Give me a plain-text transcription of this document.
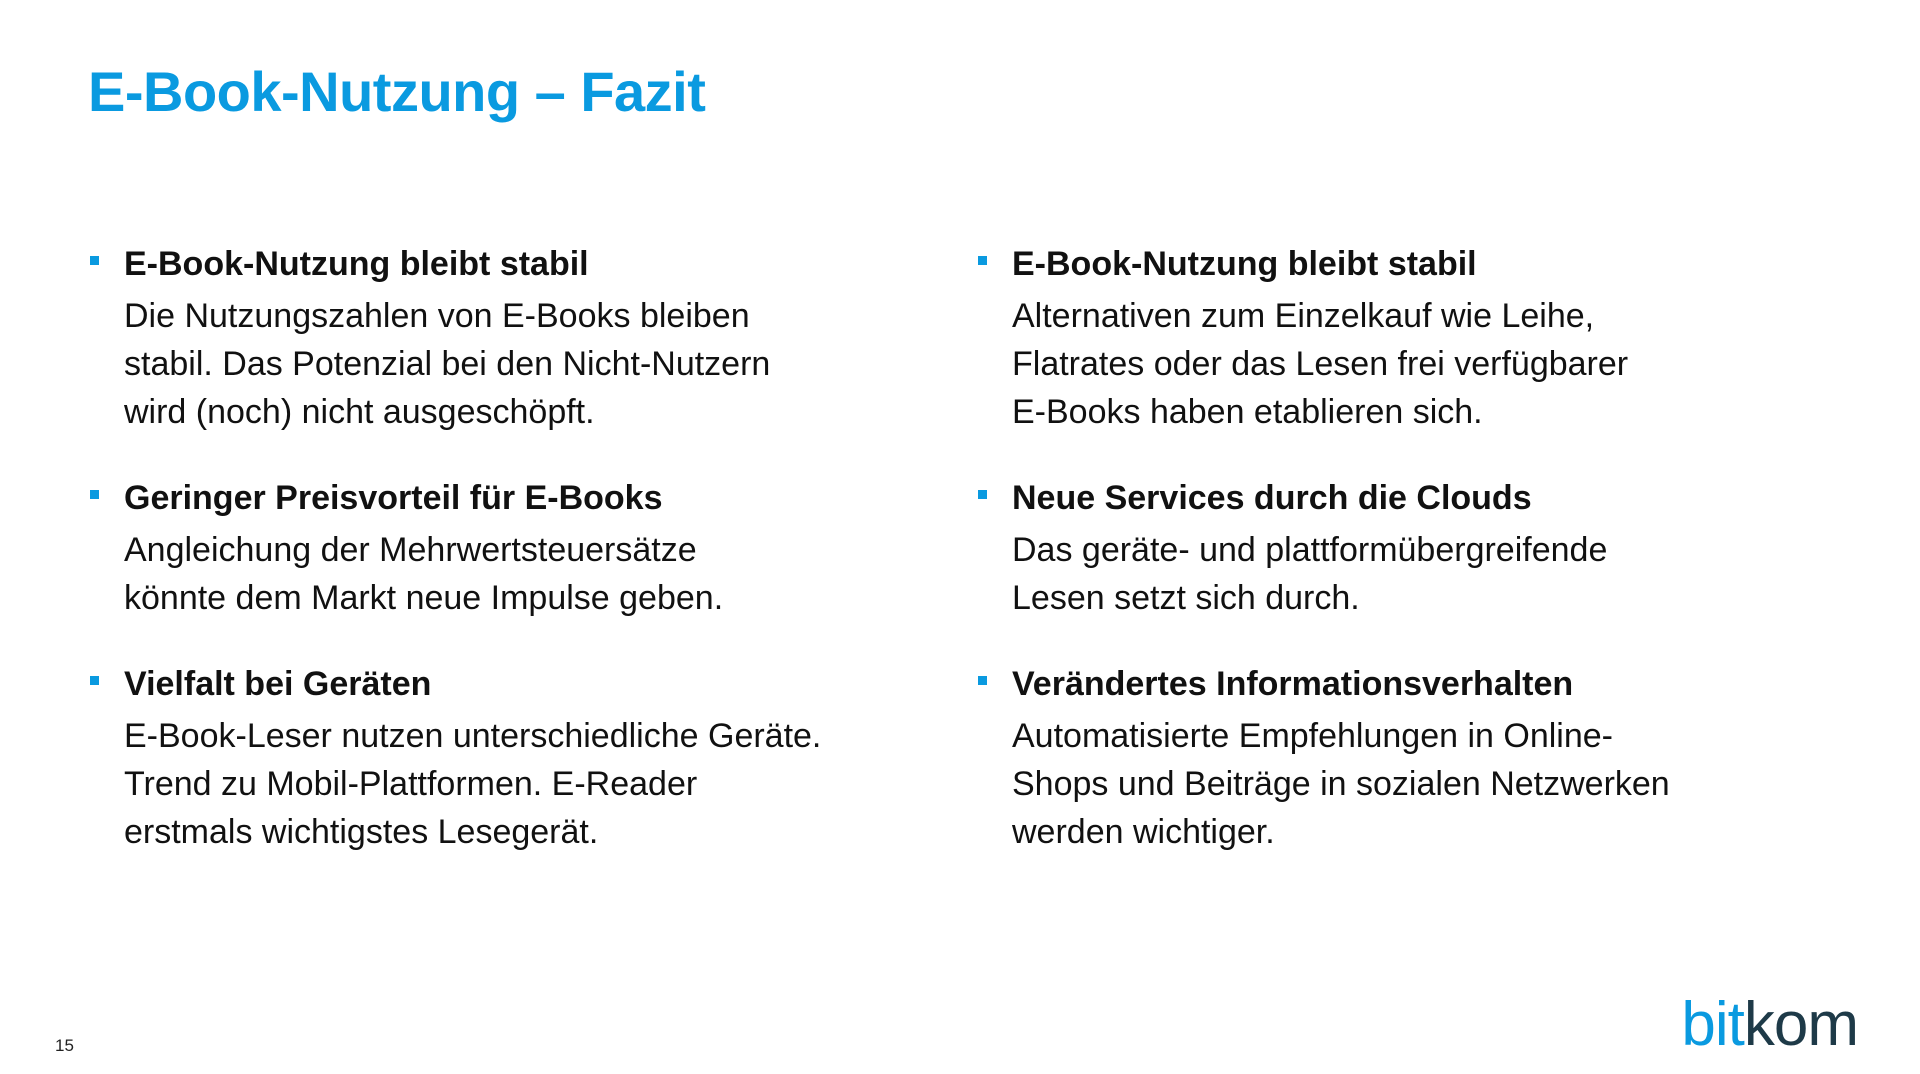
E-Book-Nutzung – Fazit
E-Book-Nutzung bleibt stabil
Die Nutzungszahlen von E-Books bleiben
stabil. Das Potenzial bei den Nicht-Nutzern
wird (noch) nicht ausgeschöpft.
Geringer Preisvorteil für E-Books
Angleichung der Mehrwertsteuersätze
könnte dem Markt neue Impulse geben.
Vielfalt bei Geräten
E-Book-Leser nutzen unterschiedliche Geräte.
Trend zu Mobil-Plattformen. E-Reader
erstmals wichtigstes Lesegerät.
E-Book-Nutzung bleibt stabil
Alternativen zum Einzelkauf wie Leihe,
Flatrates oder das Lesen frei verfügbarer
E-Books haben etablieren sich.
Neue Services durch die Clouds
Das geräte- und plattformübergreifende
Lesen setzt sich durch.
Verändertes Informationsverhalten
Automatisierte Empfehlungen in Online-
Shops und Beiträge in sozialen Netzwerken
werden wichtiger.
15	bitkom
